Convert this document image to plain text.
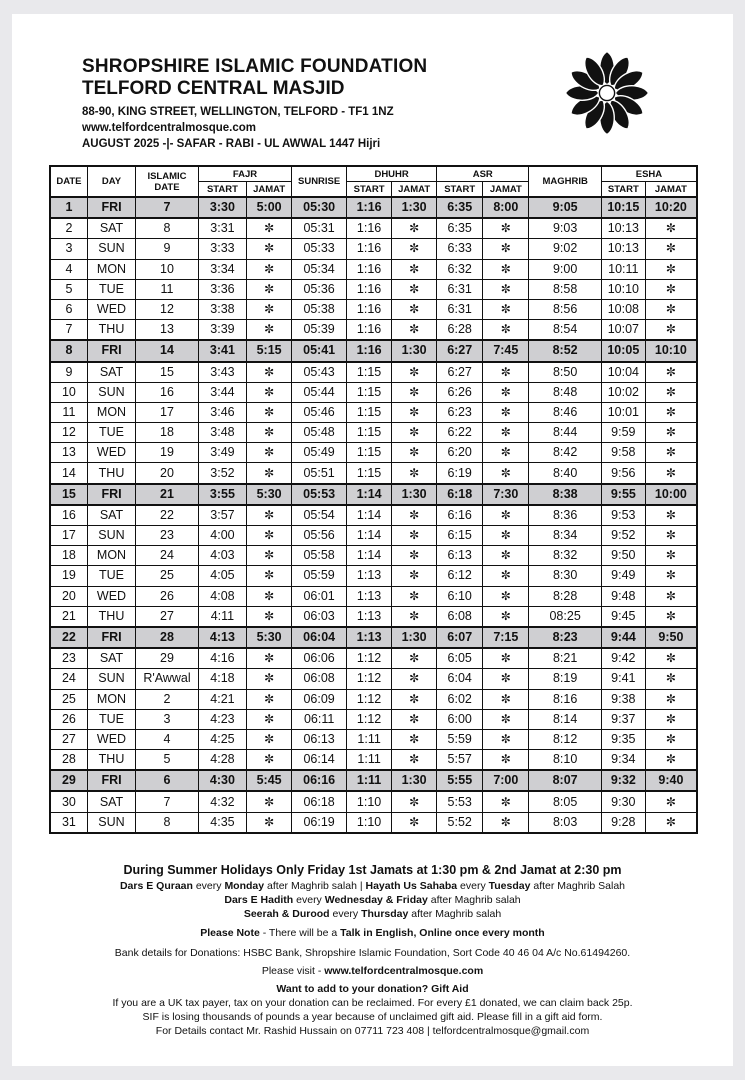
SHROPSHIRE ISLAMIC FOUNDATION

TELFORD CENTRAL MASJID

88-90, KING STREET, WELLINGTON, TELFORD - TF1 1NZ

www.telfordcentralmosque.com

AUGUST 2025 -|- SAFAR - RABI - UL AWWAL 1447 Hijri

DATE	DAY	ISLAMIC DATE	FAJR		SUNRISE	DHUHR		ASR		MAGHRIB	ESHA	
			START	JAMAT		START	JAMAT	START	JAMAT		START	JAMAT
1	FRI	7	3:30	5:00	05:30	1:16	1:30	6:35	8:00	9:05	10:15	10:20
2	SAT	8	3:31	✼	05:31	1:16	✼	6:35	✼	9:03	10:13	✼
3	SUN	9	3:33	✼	05:33	1:16	✼	6:33	✼	9:02	10:13	✼
4	MON	10	3:34	✼	05:34	1:16	✼	6:32	✼	9:00	10:11	✼
5	TUE	11	3:36	✼	05:36	1:16	✼	6:31	✼	8:58	10:10	✼
6	WED	12	3:38	✼	05:38	1:16	✼	6:31	✼	8:56	10:08	✼
7	THU	13	3:39	✼	05:39	1:16	✼	6:28	✼	8:54	10:07	✼
8	FRI	14	3:41	5:15	05:41	1:16	1:30	6:27	7:45	8:52	10:05	10:10
9	SAT	15	3:43	✼	05:43	1:15	✼	6:27	✼	8:50	10:04	✼
10	SUN	16	3:44	✼	05:44	1:15	✼	6:26	✼	8:48	10:02	✼
11	MON	17	3:46	✼	05:46	1:15	✼	6:23	✼	8:46	10:01	✼
12	TUE	18	3:48	✼	05:48	1:15	✼	6:22	✼	8:44	9:59	✼
13	WED	19	3:49	✼	05:49	1:15	✼	6:20	✼	8:42	9:58	✼
14	THU	20	3:52	✼	05:51	1:15	✼	6:19	✼	8:40	9:56	✼
15	FRI	21	3:55	5:30	05:53	1:14	1:30	6:18	7:30	8:38	9:55	10:00
16	SAT	22	3:57	✼	05:54	1:14	✼	6:16	✼	8:36	9:53	✼
17	SUN	23	4:00	✼	05:56	1:14	✼	6:15	✼	8:34	9:52	✼
18	MON	24	4:03	✼	05:58	1:14	✼	6:13	✼	8:32	9:50	✼
19	TUE	25	4:05	✼	05:59	1:13	✼	6:12	✼	8:30	9:49	✼
20	WED	26	4:08	✼	06:01	1:13	✼	6:10	✼	8:28	9:48	✼
21	THU	27	4:11	✼	06:03	1:13	✼	6:08	✼	08:25	9:45	✼
22	FRI	28	4:13	5:30	06:04	1:13	1:30	6:07	7:15	8:23	9:44	9:50
23	SAT	29	4:16	✼	06:06	1:12	✼	6:05	✼	8:21	9:42	✼
24	SUN	R'Awwal	4:18	✼	06:08	1:12	✼	6:04	✼	8:19	9:41	✼
25	MON	2	4:21	✼	06:09	1:12	✼	6:02	✼	8:16	9:38	✼
26	TUE	3	4:23	✼	06:11	1:12	✼	6:00	✼	8:14	9:37	✼
27	WED	4	4:25	✼	06:13	1:11	✼	5:59	✼	8:12	9:35	✼
28	THU	5	4:28	✼	06:14	1:11	✼	5:57	✼	8:10	9:34	✼
29	FRI	6	4:30	5:45	06:16	1:11	1:30	5:55	7:00	8:07	9:32	9:40
30	SAT	7	4:32	✼	06:18	1:10	✼	5:53	✼	8:05	9:30	✼
31	SUN	8	4:35	✼	06:19	1:10	✼	5:52	✼	8:03	9:28	✼

During Summer Holidays Only Friday 1st Jamats at 1:30 pm & 2nd Jamat at 2:30 pm

Dars E Quraan every Monday after Maghrib salah | Hayath Us Sahaba every Tuesday after Maghrib Salah

Dars E Hadith every Wednesday & Friday after Maghrib salah

Seerah & Durood every Thursday after Maghrib salah

Please Note - There will be a Talk in English, Online once every month

Bank details for Donations: HSBC Bank, Shropshire Islamic Foundation, Sort Code 40 46 04 A/c No.61494260.

Please visit - www.telfordcentralmosque.com

Want to add to your donation? Gift Aid

If you are a UK tax payer, tax on your donation can be reclaimed. For every £1 donated, we can claim back 25p.

SIF is losing thousands of pounds a year because of unclaimed gift aid. Please fill in a gift aid form.

For Details contact Mr. Rashid Hussain on 07711 723 408 | telfordcentralmosque@gmail.com
